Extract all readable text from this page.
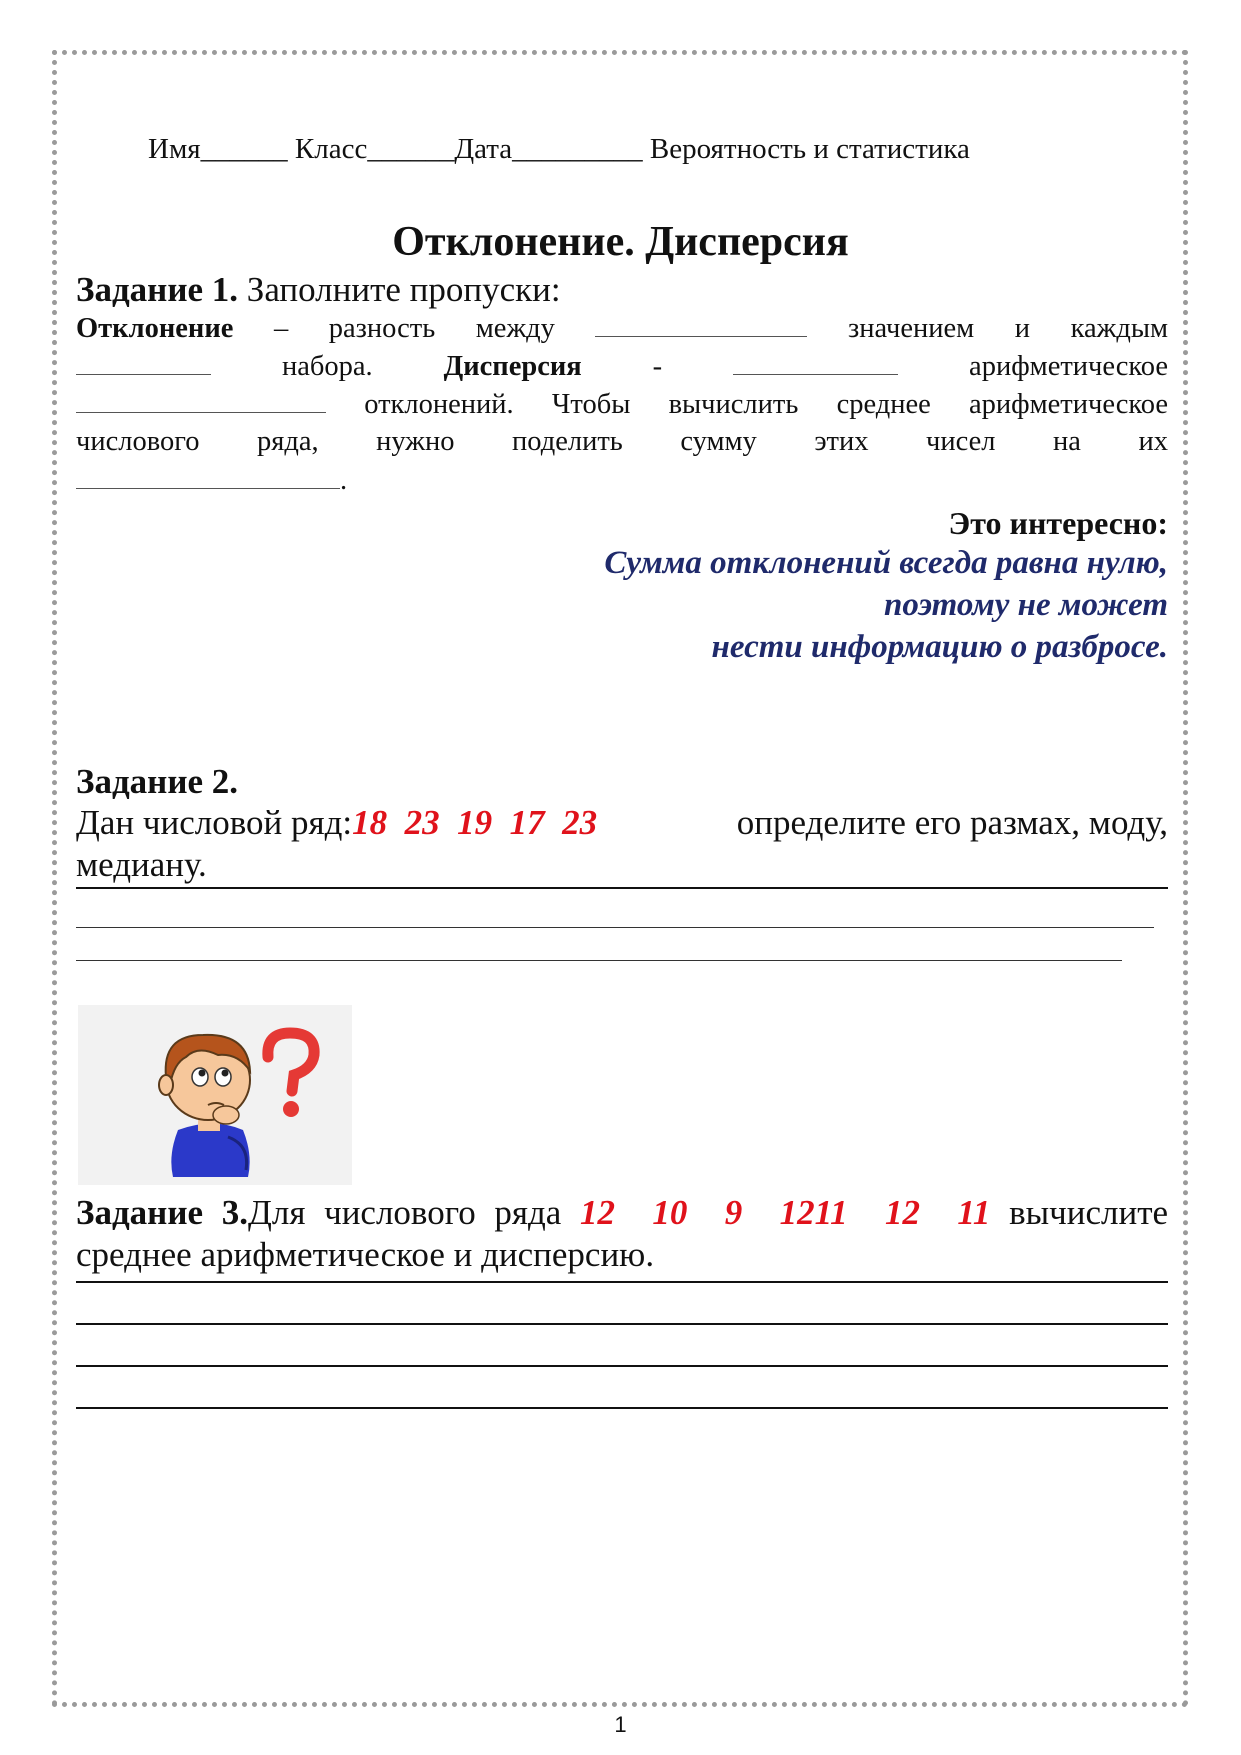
Имя______ Класс______Дата_________ Вероятность и статистика
Отклонение. Дисперсия
Задание 1. Заполните пропуски:
Отклонение – разность между	значением и каждым
набора. Дисперсия -	арифметическое
отклонений. Чтобы вычислить среднее арифметическое
числового ряда, нужно поделить сумму этих чисел на их
.
Это интересно:
Сумма отклонений всегда равна нулю,
поэтому не может
нести информацию о разбросе.
Задание 2.
Дан числовой ряд:18  23  19  17  23	определите его размах, моду,
медиану.
Задание 3.Для числового ряда 12  10  9  1211  12  11 вычислите
среднее арифметическое и дисперсию.
1
